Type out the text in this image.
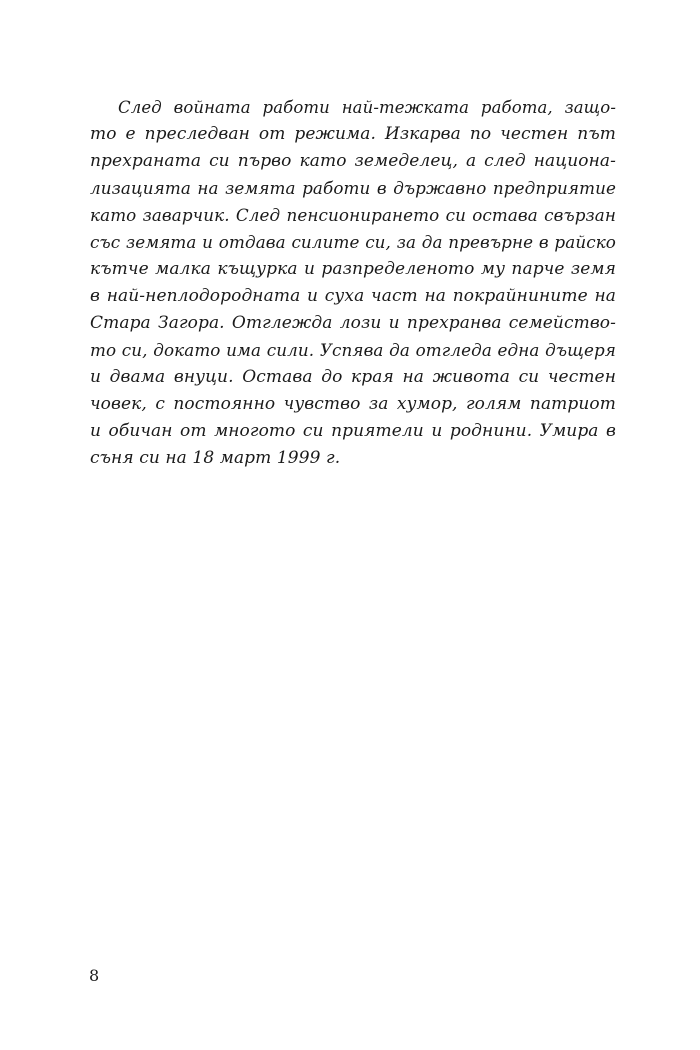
След войната работи най-тежката работа, защо-
то е преследван от режима. Изкарва по честен път
прехраната си първо като земеделец, а след национа-
лизацията на земята работи в държавно предприятие
като заварчик. След пенсионирането си остава свързан
със земята и отдава силите си, за да превърне в райско
кътче малка къщурка и разпределеното му парче земя
в най-неплодородната и суха част на покрайнините на
Стара Загора. Отглежда лози и прехранва семейство-
то си, докато има сили. Успява да отгледа една дъщеря
и двама внуци. Остава до края на живота си честен
човек, с постоянно чувство за хумор, голям патриот
и обичан от многото си приятели и роднини. Умира в
съня си на 18 март 1999 г.
8
